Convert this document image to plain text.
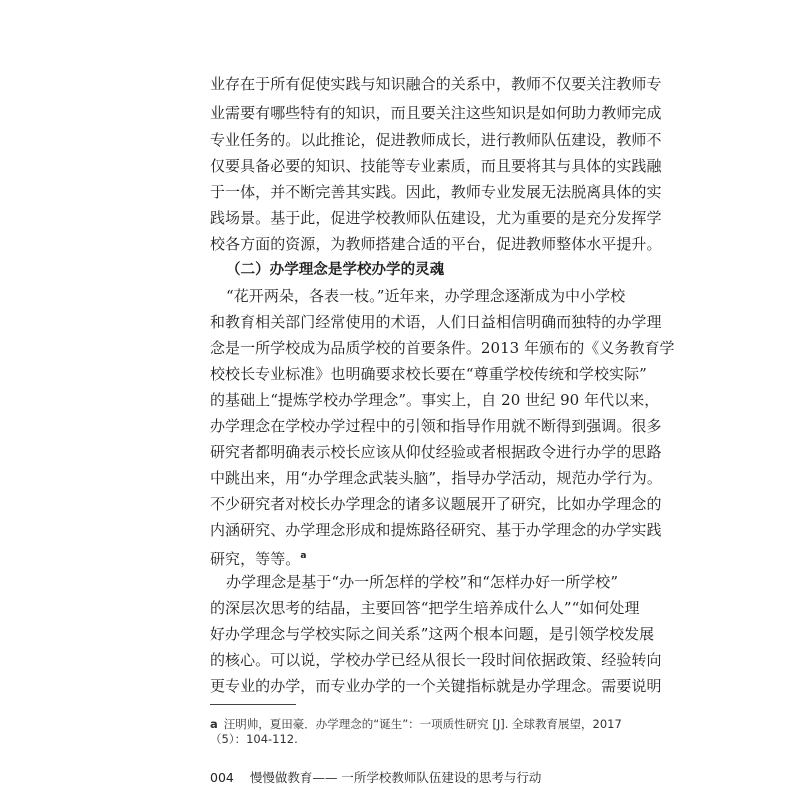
业存在于所有促使实践与知识融合的关系中，教师不仅要关注教师专
业需要有哪些特有的知识，而且要关注这些知识是如何助力教师完成
专业任务的。以此推论，促进教师成长，进行教师队伍建设，教师不
仅要具备必要的知识、技能等专业素质，而且要将其与具体的实践融
于一体，并不断完善其实践。因此，教师专业发展无法脱离具体的实
践场景。基于此，促进学校教师队伍建设，尤为重要的是充分发挥学
校各方面的资源，为教师搭建合适的平台，促进教师整体水平提升。
（二）办学理念是学校办学的灵魂
“花开两朵，各表一枝。”近年来，办学理念逐渐成为中小学校
和教育相关部门经常使用的术语，人们日益相信明确而独特的办学理
念是一所学校成为品质学校的首要条件。2013 年颁布的《义务教育学
校校长专业标准》也明确要求校长要在“尊重学校传统和学校实际”
的基础上“提炼学校办学理念”。事实上，自 20 世纪 90 年代以来，
办学理念在学校办学过程中的引领和指导作用就不断得到强调。很多
研究者都明确表示校长应该从仰仗经验或者根据政令进行办学的思路
中跳出来，用“办学理念武装头脑”，指导办学活动，规范办学行为。
不少研究者对校长办学理念的诸多议题展开了研究，比如办学理念的
内涵研究、办学理念形成和提炼路径研究、基于办学理念的办学实践
研究，等等。$^a$
办学理念是基于“办一所怎样的学校”和“怎样办好一所学校”
的深层次思考的结晶，主要回答“把学生培养成什么人”“如何处理
好办学理念与学校实际之间关系”这两个根本问题，是引领学校发展
的核心。可以说，学校办学已经从很长一段时间依据政策、经验转向
更专业的办学，而专业办学的一个关键指标就是办学理念。需要说明
a 汪明帅，夏田豪．办学理念的“诞生”：一项质性研究 [J]. 全球教育展望，2017
（5）：104-112.
004 慢慢做教育—— 一所学校教师队伍建设的思考与行动
